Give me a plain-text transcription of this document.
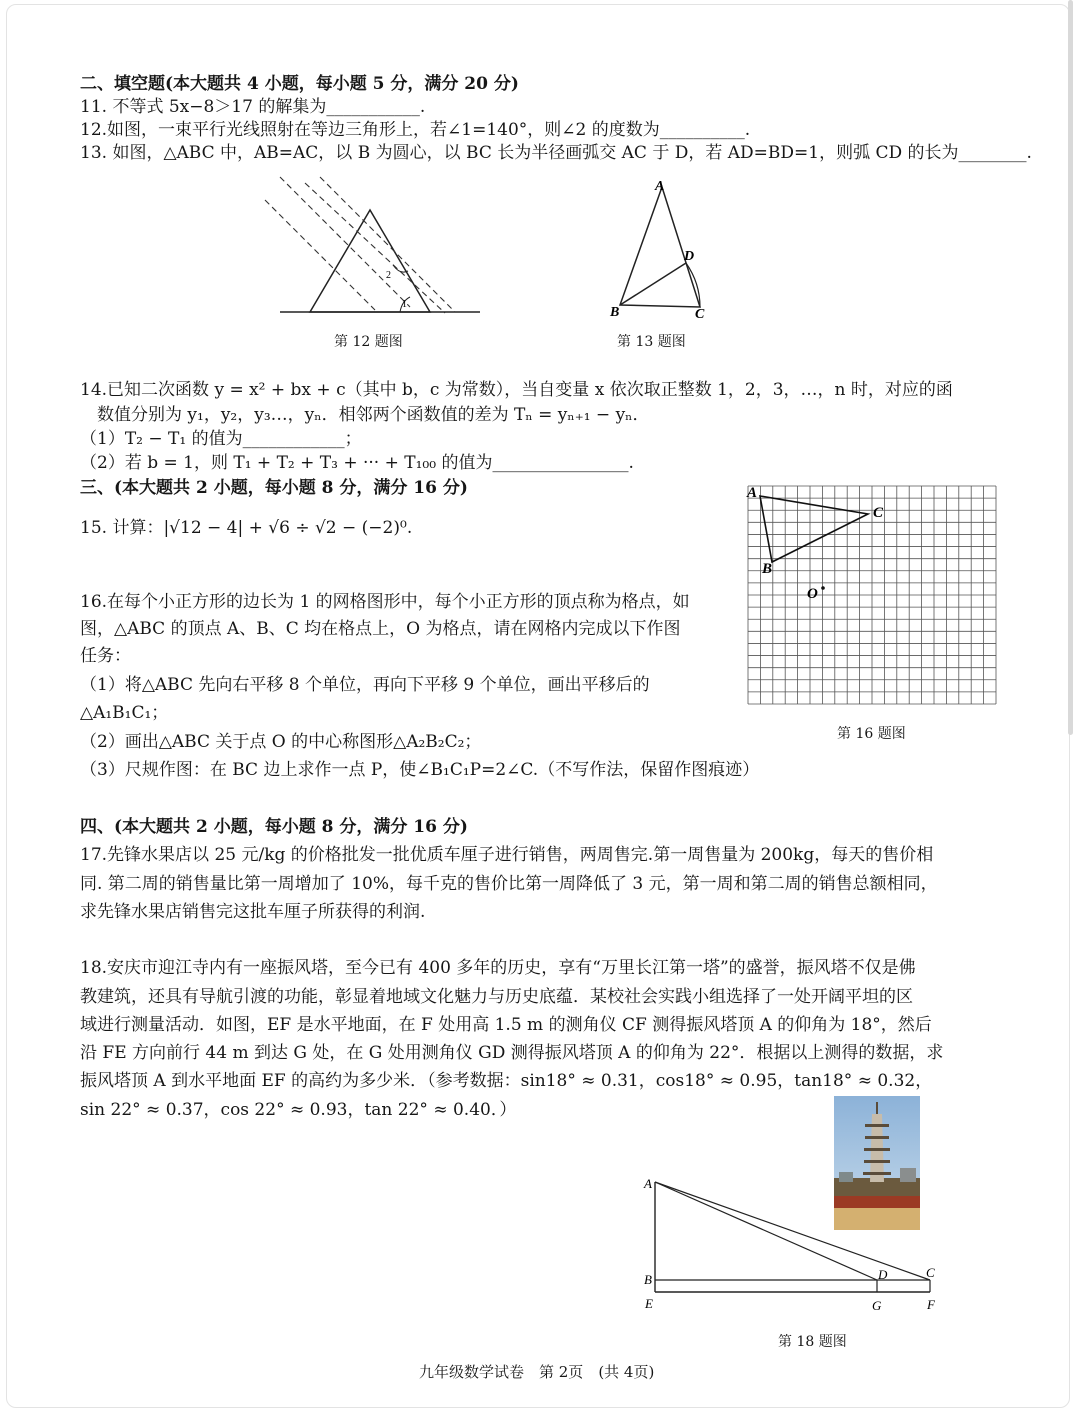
二、填空题(本大题共 4 小题，每小题 5 分，满分 20 分)

11. 不等式 5x−8＞17 的解集为___________.

12.如图，一束平行光线照射在等边三角形上，若∠1=140°，则∠2 的度数为__________.

13. 如图，△ABC 中，AB=AC，以 B 为圆心，以 BC 长为半径画弧交 AC 于 D，若 AD=BD=1，则弧 CD 的长为________.

2
1

第 12 题图

A
B	C
D

第 13 题图

14.已知二次函数 y = x² + bx + c（其中 b，c 为常数），当自变量 x 依次取正整数 1，2，3，…，n 时，对应的函

数值分别为 y₁，y₂，y₃…，yₙ．相邻两个函数值的差为 Tₙ = yₙ₊₁ − yₙ．

（1）T₂ − T₁ 的值为____________；

（2）若 b = 1，则 T₁ + T₂ + T₃ + ··· + T₁₀₀ 的值为________________.

三、(本大题共 2 小题，每小题 8 分，满分 16 分)

15. 计算：|√12 − 4| + √6 ÷ √2 − (−2)⁰.

16.在每个小正方形的边长为 1 的网格图形中，每个小正方形的顶点称为格点，如

图，△ABC 的顶点 A、B、C 均在格点上，O 为格点，请在网格内完成以下作图

任务：

（1）将△ABC 先向右平移 8 个单位，再向下平移 9 个单位，画出平移后的

△A₁B₁C₁；

（2）画出△ABC 关于点 O 的中心称图形△A₂B₂C₂；

（3）尺规作图：在 BC 边上求作一点 P，使∠B₁C₁P=2∠C.（不写作法，保留作图痕迹）

A
C
B
O

第 16 题图

四、(本大题共 2 小题，每小题 8 分，满分 16 分)

17.先锋水果店以 25 元/kg 的价格批发一批优质车厘子进行销售，两周售完.第一周售量为 200kg，每天的售价相

同. 第二周的销售量比第一周增加了 10%，每千克的售价比第一周降低了 3 元，第一周和第二周的销售总额相同，

求先锋水果店销售完这批车厘子所获得的利润.

18.安庆市迎江寺内有一座振风塔，至今已有 400 多年的历史，享有“万里长江第一塔”的盛誉，振风塔不仅是佛

教建筑，还具有导航引渡的功能，彰显着地域文化魅力与历史底蕴．某校社会实践小组选择了一处开阔平坦的区

域进行测量活动．如图，EF 是水平地面，在 F 处用高 1.5 m 的测角仪 CF 测得振风塔顶 A 的仰角为 18°，然后

沿 FE 方向前行 44 m 到达 G 处，在 G 处用测角仪 GD 测得振风塔顶 A 的仰角为 22°．根据以上测得的数据，求

振风塔顶 A 到水平地面 EF 的高约为多少米．（参考数据：sin18° ≈ 0.31，cos18° ≈ 0.95，tan18° ≈ 0.32，

sin 22° ≈ 0.37，cos 22° ≈ 0.93，tan 22° ≈ 0.40．）

A
B
E
D	C
G	F

第 18 题图

九年级数学试卷　第 2页　(共 4页)
